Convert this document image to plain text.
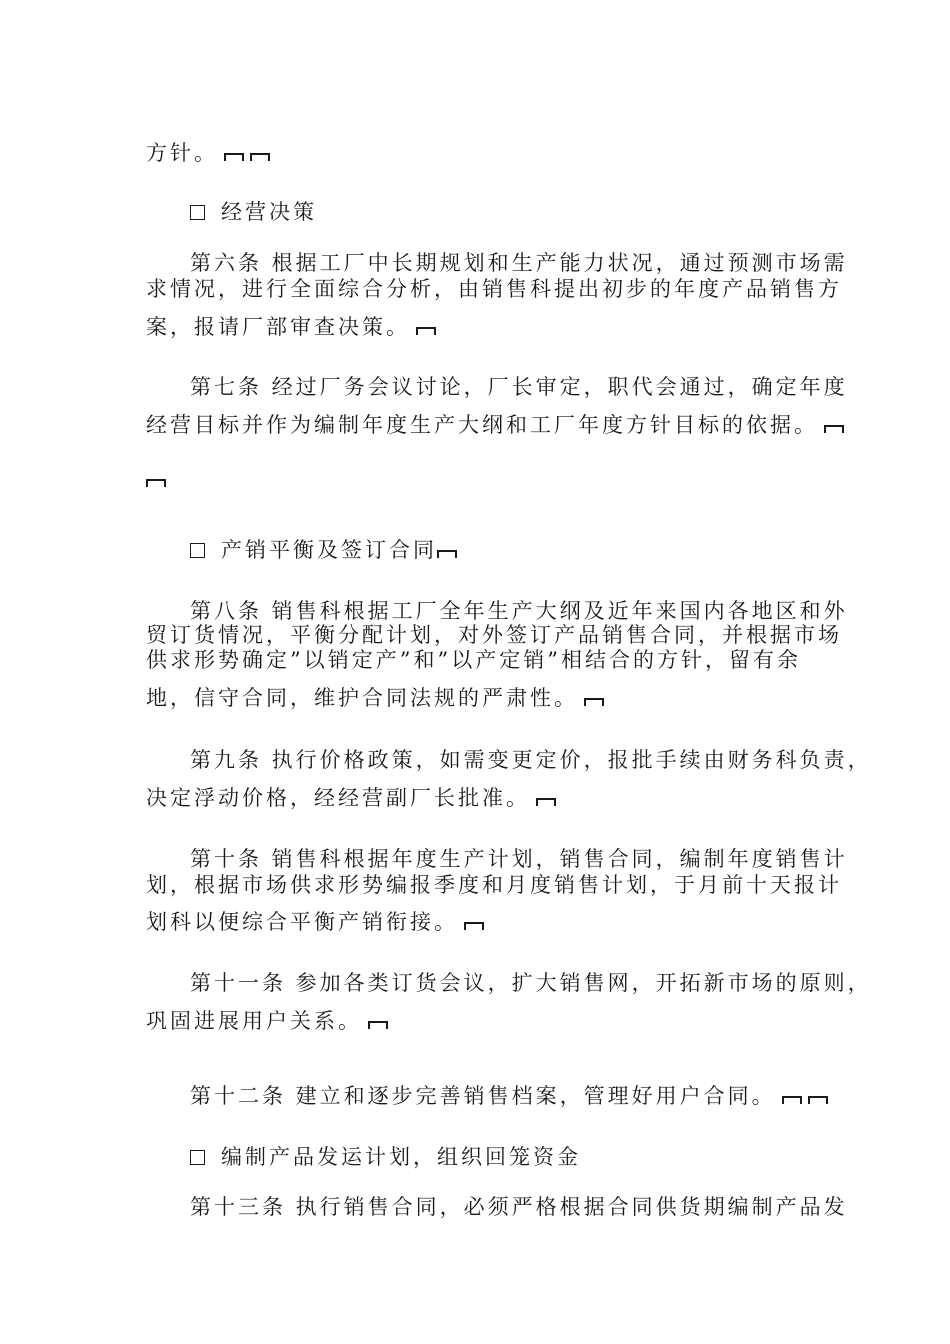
方针。
经营决策
第六条 根据工厂中长期规划和生产能力状况，通过预测市场需
求情况，进行全面综合分析，由销售科提出初步的年度产品销售方
案，报请厂部审查决策。
第七条 经过厂务会议讨论，厂长审定，职代会通过，确定年度
经营目标并作为编制年度生产大纲和工厂年度方针目标的依据。
产销平衡及签订合同
第八条 销售科根据工厂全年生产大纲及近年来国内各地区和外
贸订货情况，平衡分配计划，对外签订产品销售合同，并根据市场
供求形势确定”以销定产”和”以产定销”相结合的方针，留有余
地，信守合同，维护合同法规的严肃性。
第九条 执行价格政策，如需变更定价，报批手续由财务科负责，
决定浮动价格，经经营副厂长批准。
第十条 销售科根据年度生产计划，销售合同，编制年度销售计
划，根据市场供求形势编报季度和月度销售计划，于月前十天报计
划科以便综合平衡产销衔接。
第十一条 参加各类订货会议，扩大销售网，开拓新市场的原则，
巩固进展用户关系。
第十二条 建立和逐步完善销售档案，管理好用户合同。
编制产品发运计划，组织回笼资金
第十三条 执行销售合同，必须严格根据合同供货期编制产品发
